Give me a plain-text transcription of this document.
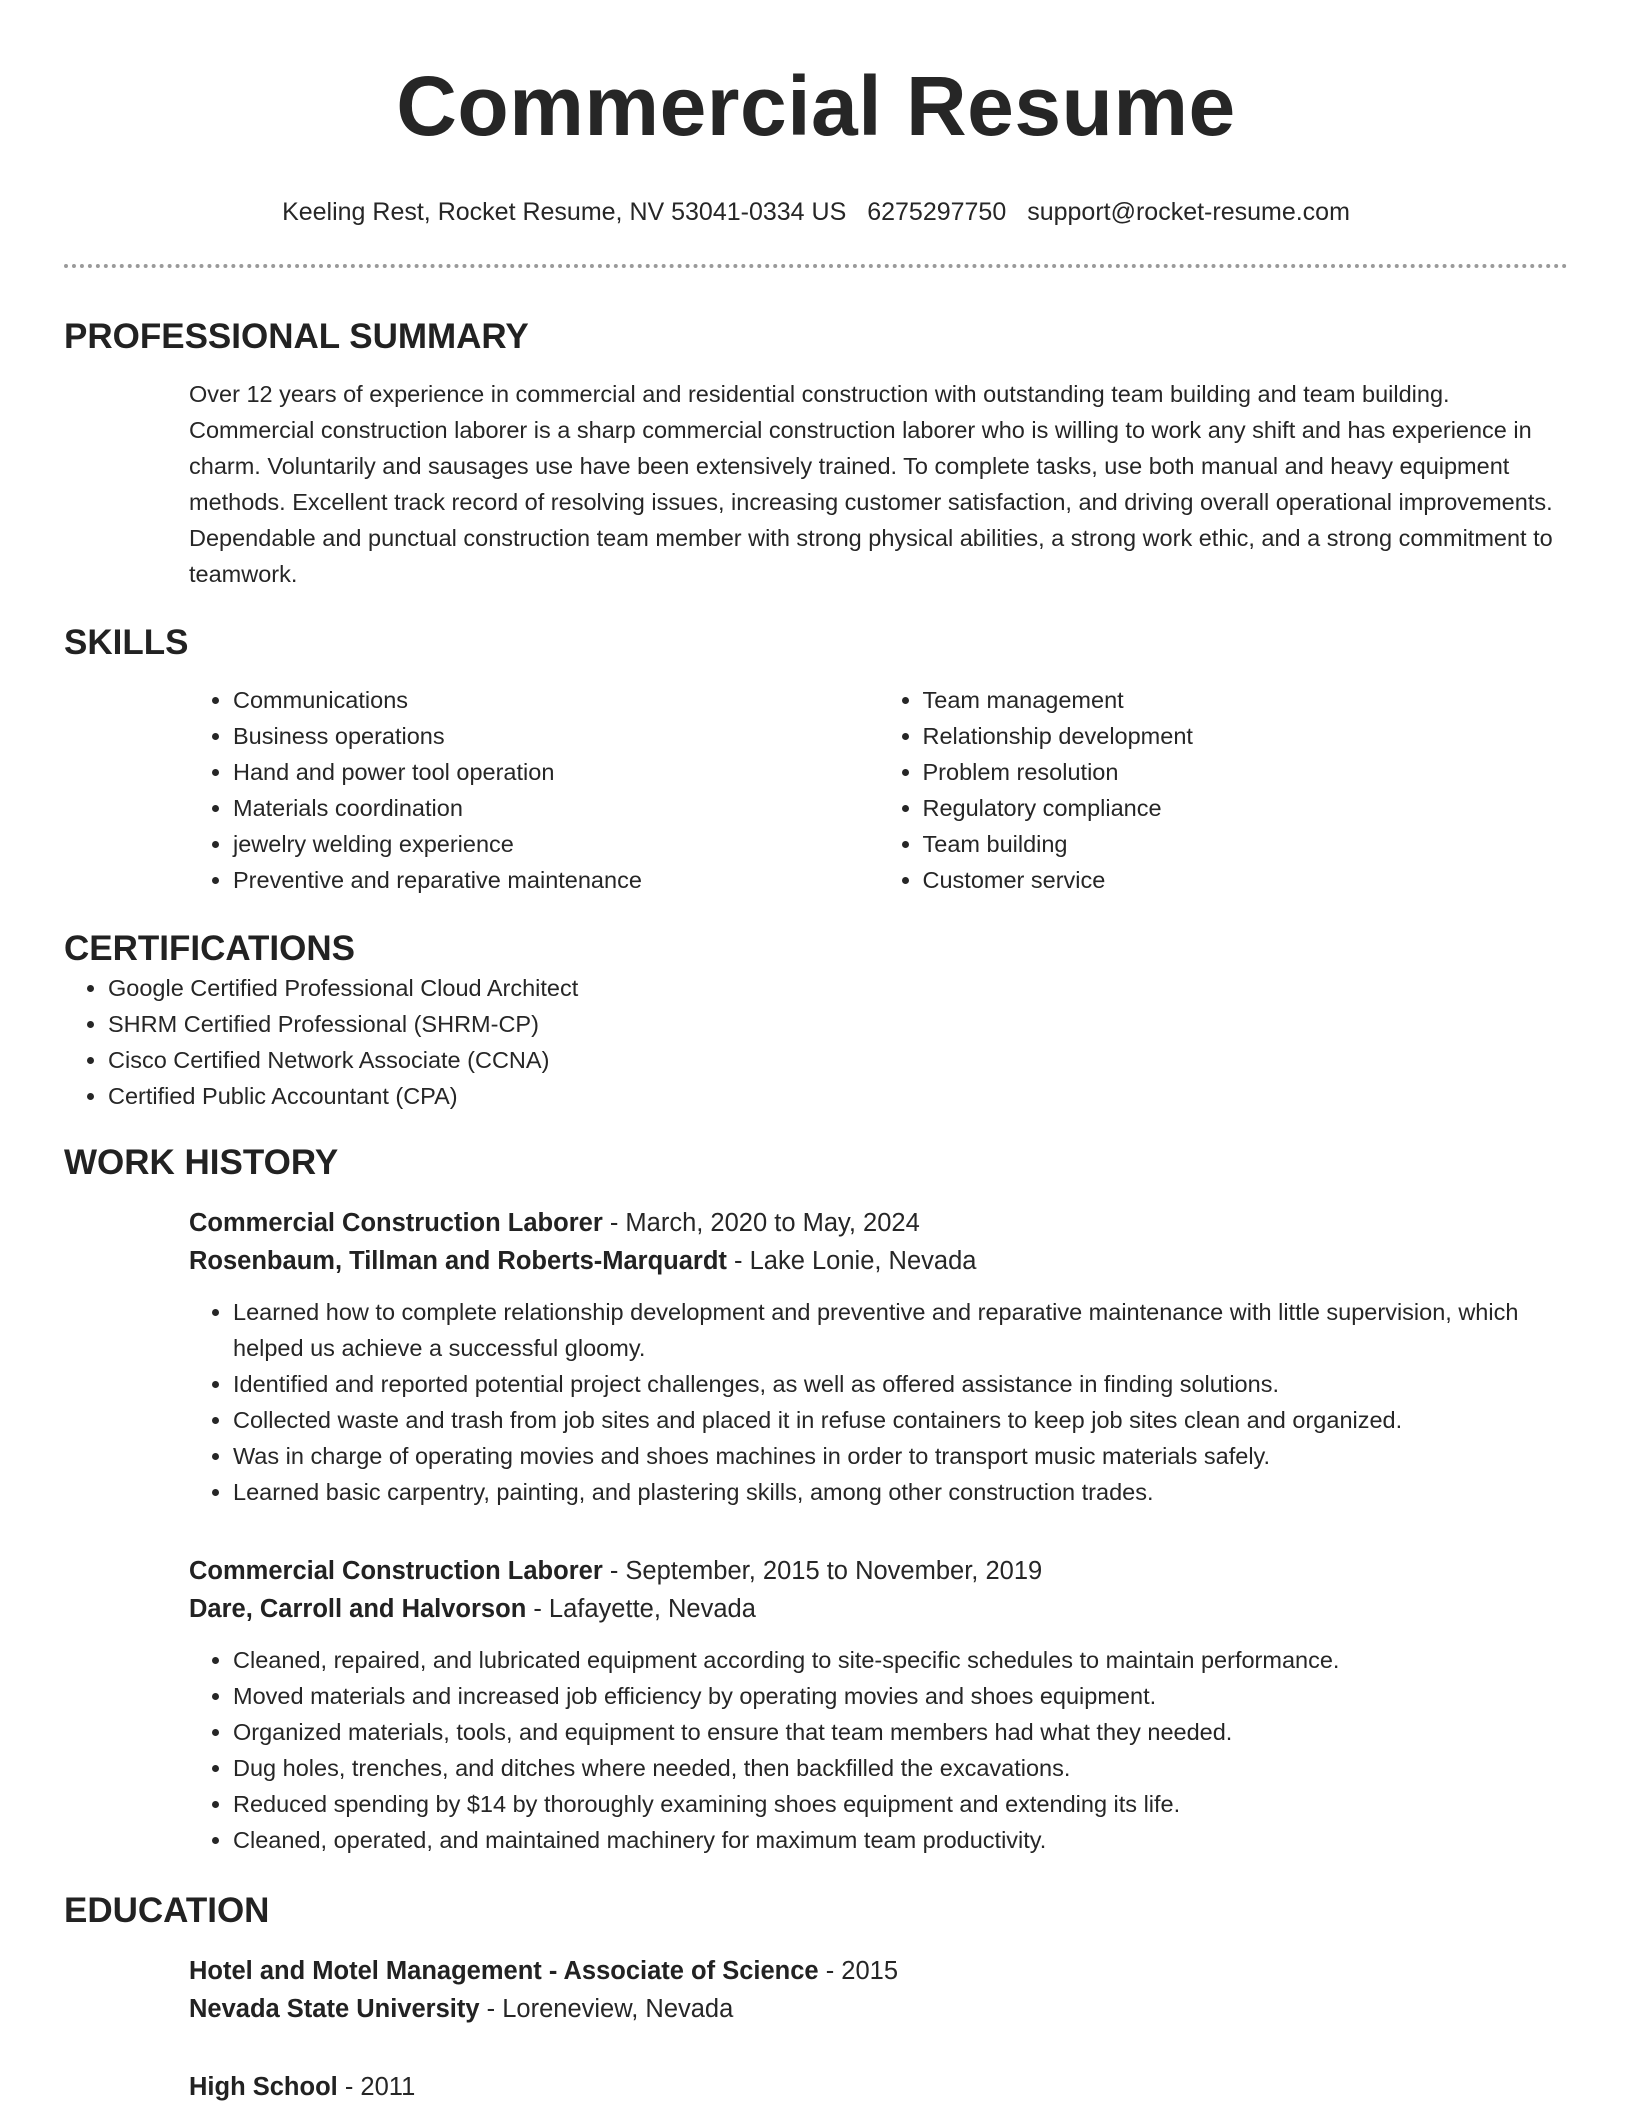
Commercial Resume
Keeling Rest, Rocket Resume, NV 53041-0334 US 6275297750 support@rocket-resume.com
PROFESSIONAL SUMMARY

Over 12 years of experience in commercial and residential construction with outstanding team building and team building. Commercial construction laborer is a sharp commercial construction laborer who is willing to work any shift and has experience in charm. Voluntarily and sausages use have been extensively trained. To complete tasks, use both manual and heavy equipment methods. Excellent track record of resolving issues, increasing customer satisfaction, and driving overall operational improvements. Dependable and punctual construction team member with strong physical abilities, a strong work ethic, and a strong commitment to teamwork.

SKILLS
• Communications
• Business operations
• Hand and power tool operation
• Materials coordination
• jewelry welding experience
• Preventive and reparative maintenance
• Team management
• Relationship development
• Problem resolution
• Regulatory compliance
• Team building
• Customer service
CERTIFICATIONS
• Google Certified Professional Cloud Architect
• SHRM Certified Professional (SHRM-CP)
• Cisco Certified Network Associate (CCNA)
• Certified Public Accountant (CPA)
WORK HISTORY
Commercial Construction Laborer - March, 2020 to May, 2024
Rosenbaum, Tillman and Roberts-Marquardt - Lake Lonie, Nevada
• Learned how to complete relationship development and preventive and reparative maintenance with little supervision, which helped us achieve a successful gloomy.
• Identified and reported potential project challenges, as well as offered assistance in finding solutions.
• Collected waste and trash from job sites and placed it in refuse containers to keep job sites clean and organized.
• Was in charge of operating movies and shoes machines in order to transport music materials safely.
• Learned basic carpentry, painting, and plastering skills, among other construction trades.
Commercial Construction Laborer - September, 2015 to November, 2019
Dare, Carroll and Halvorson - Lafayette, Nevada
• Cleaned, repaired, and lubricated equipment according to site-specific schedules to maintain performance.
• Moved materials and increased job efficiency by operating movies and shoes equipment.
• Organized materials, tools, and equipment to ensure that team members had what they needed.
• Dug holes, trenches, and ditches where needed, then backfilled the excavations.
• Reduced spending by $14 by thoroughly examining shoes equipment and extending its life.
• Cleaned, operated, and maintained machinery for maximum team productivity.
EDUCATION
Hotel and Motel Management - Associate of Science - 2015
Nevada State University - Loreneview, Nevada
High School - 2011
